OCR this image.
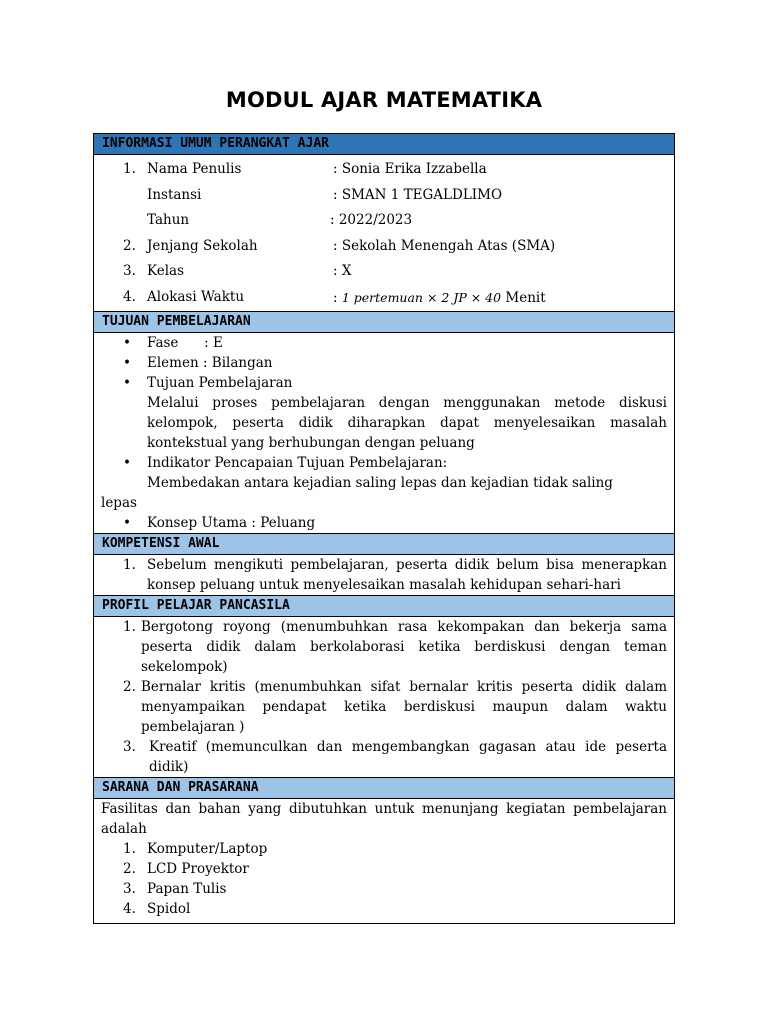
MODUL AJAR MATEMATIKA
INFORMASI UMUM PERANGKAT AJAR
1. Nama Penulis	: Sonia Erika Izzabella
Instansi	: SMAN 1 TEGALDLIMO
Tahun	: 2022/2023
2. Jenjang Sekolah	: Sekolah Menengah Atas (SMA)
3. Kelas	: X
4. Alokasi Waktu	: 1 pertemuan × 2 JP × 40 Menit
TUJUAN PEMBELAJARAN
• Fase      : E
• Elemen : Bilangan
• Tujuan Pembelajaran
Melalui proses pembelajaran dengan menggunakan metode diskusi kelompok, peserta didik diharapkan dapat menyelesaikan masalah kontekstual yang berhubungan dengan peluang
• Indikator Pencapaian Tujuan Pembelajaran:
Membedakan antara kejadian saling lepas dan kejadian tidak saling
lepas
• Konsep Utama : Peluang
KOMPETENSI AWAL
1. Sebelum mengikuti pembelajaran, peserta didik belum bisa menerapkan konsep peluang untuk menyelesaikan masalah kehidupan sehari-hari
PROFIL PELAJAR PANCASILA
1. Bergotong royong (menumbuhkan rasa kekompakan dan bekerja sama peserta didik dalam berkolaborasi ketika berdiskusi dengan teman sekelompok)
2. Bernalar kritis (menumbuhkan sifat bernalar kritis peserta didik dalam menyampaikan pendapat ketika berdiskusi maupun dalam waktu pembelajaran )
3. Kreatif (memunculkan dan mengembangkan gagasan atau ide peserta didik)
SARANA DAN PRASARANA
Fasilitas dan bahan yang dibutuhkan untuk menunjang kegiatan pembelajaran adalah
1. Komputer/Laptop
2. LCD Proyektor
3. Papan Tulis
4. Spidol
